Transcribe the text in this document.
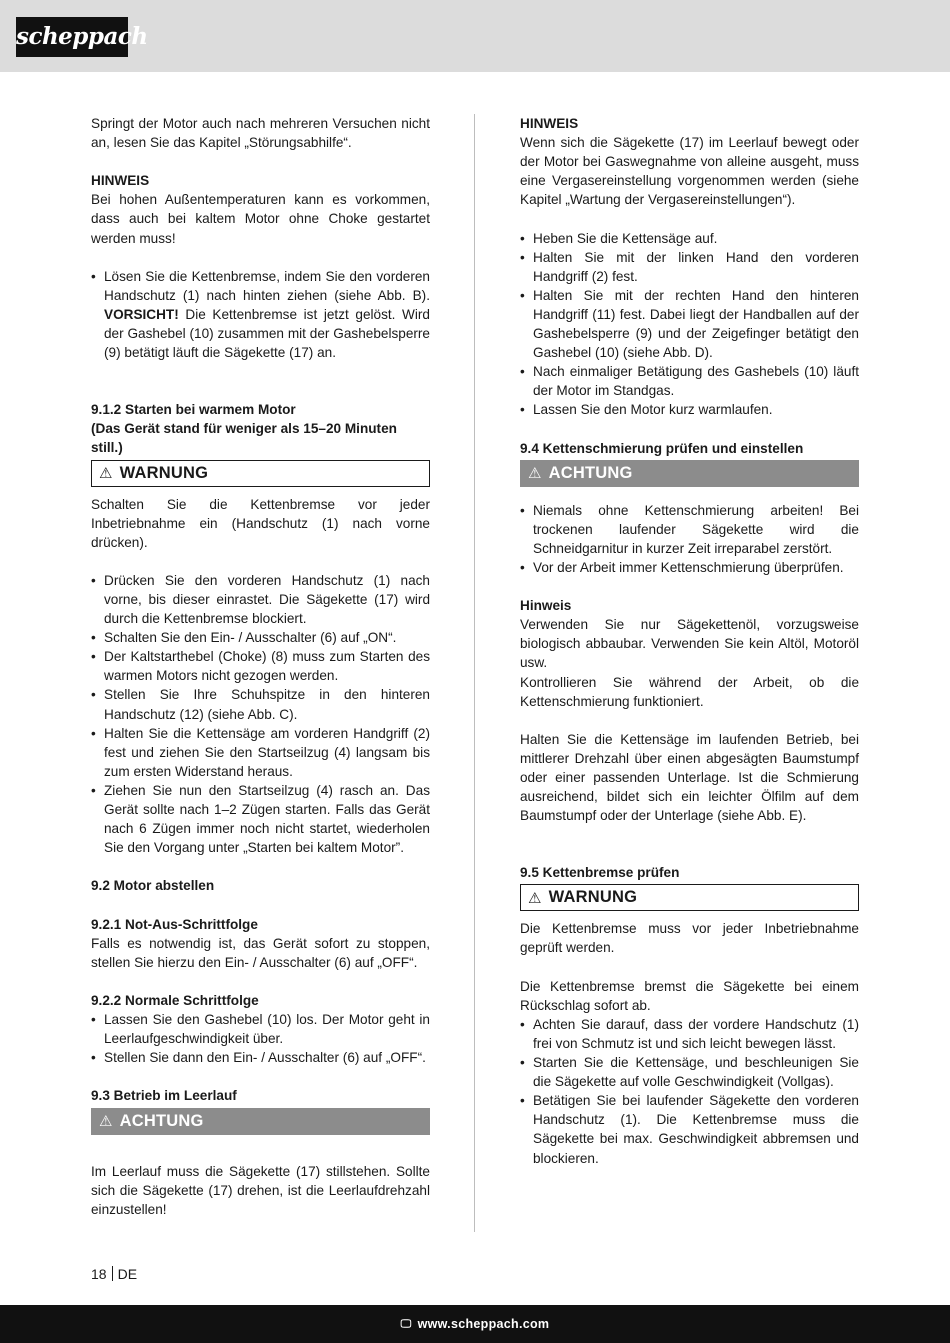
scheppach

Springt der Motor auch nach mehreren Versuchen nicht an, lesen Sie das Kapitel „Störungsabhilfe“.

HINWEIS

Bei hohen Außentemperaturen kann es vorkommen, dass auch bei kaltem Motor ohne Choke gestartet werden muss!

• Lösen Sie die Kettenbremse, indem Sie den vorderen Handschutz (1) nach hinten ziehen (siehe Abb. B). VORSICHT! Die Kettenbremse ist jetzt gelöst. Wird der Gashebel (10) zusammen mit der Gashebelsperre (9) betätigt läuft die Sägekette (17) an.

9.1.2 Starten bei warmem Motor

(Das Gerät stand für weniger als 15–20 Minuten still.)

⚠ WARNUNG

Schalten Sie die Kettenbremse vor jeder Inbetriebnahme ein (Handschutz (1) nach vorne drücken).

• Drücken Sie den vorderen Handschutz (1) nach vorne, bis dieser einrastet. Die Sägekette (17) wird durch die Kettenbremse blockiert.
• Schalten Sie den Ein- / Ausschalter (6) auf „ON“.
• Der Kaltstarthebel (Choke) (8) muss zum Starten des warmen Motors nicht gezogen werden.
• Stellen Sie Ihre Schuhspitze in den hinteren Handschutz (12) (siehe Abb. C).
• Halten Sie die Kettensäge am vorderen Handgriff (2) fest und ziehen Sie den Startseilzug (4) langsam bis zum ersten Widerstand heraus.
• Ziehen Sie nun den Startseilzug (4) rasch an. Das Gerät sollte nach 1–2 Zügen starten. Falls das Gerät nach 6 Zügen immer noch nicht startet, wiederholen Sie den Vorgang unter „Starten bei kaltem Motor”.

9.2 Motor abstellen

9.2.1 Not-Aus-Schrittfolge

Falls es notwendig ist, das Gerät sofort zu stoppen, stellen Sie hierzu den Ein- / Ausschalter (6) auf „OFF“.

9.2.2 Normale Schrittfolge

• Lassen Sie den Gashebel (10) los. Der Motor geht in Leerlaufgeschwindigkeit über.
• Stellen Sie dann den Ein- / Ausschalter (6) auf „OFF“.

9.3 Betrieb im Leerlauf

⚠ ACHTUNG

Im Leerlauf muss die Sägekette (17) stillstehen. Sollte sich die Sägekette (17) drehen, ist die Leerlaufdrehzahl einzustellen!

HINWEIS

Wenn sich die Sägekette (17) im Leerlauf bewegt oder der Motor bei Gaswegnahme von alleine ausgeht, muss eine Vergasereinstellung vorgenommen werden (siehe Kapitel „Wartung der Vergasereinstellungen“).

• Heben Sie die Kettensäge auf.
• Halten Sie mit der linken Hand den vorderen Handgriff (2) fest.
• Halten Sie mit der rechten Hand den hinteren Handgriff (11) fest. Dabei liegt der Handballen auf der Gashebelsperre (9) und der Zeigefinger betätigt den Gashebel (10) (siehe Abb. D).
• Nach einmaliger Betätigung des Gashebels (10) läuft der Motor im Standgas.
• Lassen Sie den Motor kurz warmlaufen.

9.4 Kettenschmierung prüfen und einstellen

⚠ ACHTUNG
• Niemals ohne Kettenschmierung arbeiten! Bei trockenen laufender Sägekette wird die Schneidgarnitur in kurzer Zeit irreparabel zerstört.
• Vor der Arbeit immer Kettenschmierung überprüfen.

Hinweis

Verwenden Sie nur Sägekettenöl, vorzugsweise biologisch abbaubar. Verwenden Sie kein Altöl, Motoröl usw.

Kontrollieren Sie während der Arbeit, ob die Kettenschmierung funktioniert.

Halten Sie die Kettensäge im laufenden Betrieb, bei mittlerer Drehzahl über einen abgesägten Baumstumpf oder einer passenden Unterlage. Ist die Schmierung ausreichend, bildet sich ein leichter Ölfilm auf dem Baumstumpf oder der Unterlage (siehe Abb. E).

9.5 Kettenbremse prüfen

⚠ WARNUNG

Die Kettenbremse muss vor jeder Inbetriebnahme geprüft werden.

Die Kettenbremse bremst die Sägekette bei einem Rückschlag sofort ab.

• Achten Sie darauf, dass der vordere Handschutz (1) frei von Schmutz ist und sich leicht bewegen lässt.
• Starten Sie die Kettensäge, und beschleunigen Sie die Sägekette auf volle Geschwindigkeit (Vollgas).
• Betätigen Sie bei laufender Sägekette den vorderen Handschutz (1). Die Kettenbremse muss die Sägekette bei max. Geschwindigkeit abbremsen und blockieren.
18 DE
🖵 www.scheppach.com
